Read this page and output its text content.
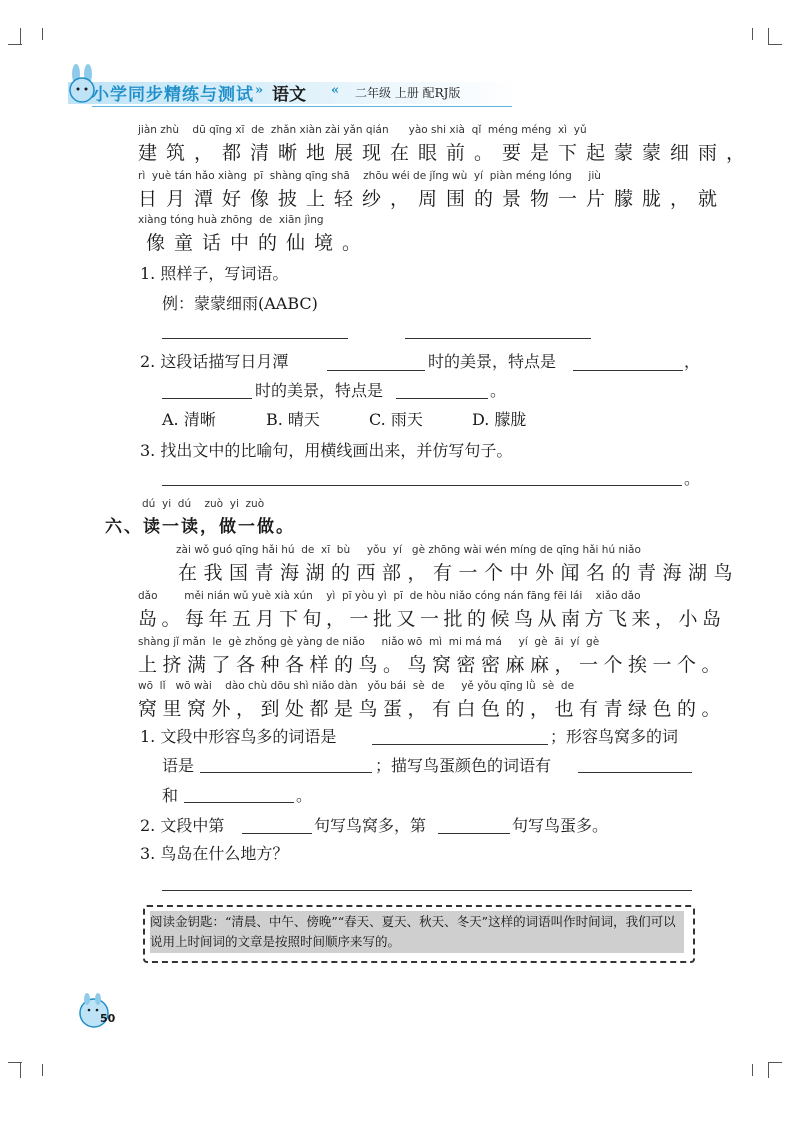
小学同步精练与测试 » 语文 « 二年级 上册 配RJ版
jiàn zhù    dū qīng xī  de  zhǎn xiàn zài yǎn qián      yào shi xià  qǐ  méng méng  xì  yǔ
建筑，都清晰地展现在眼前。要是下起蒙蒙细雨，
rì  yuè tán hǎo xiàng  pī  shàng qīng shā    zhōu wéi de jǐng wù  yí  piàn méng lóng     jiù
日月潭好像披上轻纱，周围的景物一片朦胧，就
xiàng tóng huà zhōng  de  xiān jìng
像童话中的仙境。
1. 照样子，写词语。
例：蒙蒙细雨(AABC)
2. 这段话描写日月潭	时的美景，特点是	，
时的美景，特点是	。
A. 清晰	B. 晴天	C. 雨天	D. 朦胧
3. 找出文中的比喻句，用横线画出来，并仿写句子。
。
dú  yi  dú    zuò  yi  zuò
六、读一读，做一做。
zài wǒ guó qīng hǎi hú  de  xī  bù     yǒu  yí   gè zhōng wài wén míng de qīng hǎi hú niǎo
在我国青海湖的西部，有一个中外闻名的青海湖鸟
dǎo        měi nián wǔ yuè xià xún    yì  pī yòu yì  pī  de hòu niǎo cóng nán fāng fēi lái    xiǎo dǎo
岛。每年五月下旬，一批又一批的候鸟从南方飞来，小岛
shàng jǐ mǎn  le  gè zhǒng gè yàng de niǎo     niǎo wō  mì  mi má má     yí  gè  āi  yí  gè
上挤满了各种各样的鸟。鸟窝密密麻麻，一个挨一个。
wō  lǐ   wō wài    dào chù dōu shì niǎo dàn   yǒu bái  sè  de     yě yǒu qīng lǜ  sè  de
窝里窝外，到处都是鸟蛋，有白色的，也有青绿色的。
1. 文段中形容鸟多的词语是	；形容鸟窝多的词
语是	；描写鸟蛋颜色的词语有
和	。
2. 文段中第	句写鸟窝多，第	句写鸟蛋多。
3. 鸟岛在什么地方？
阅读金钥匙：“清晨、中午、傍晚”“春天、夏天、秋天、冬天”这样的词语叫作时间词，我们可以说用上时间词的文章是按照时间顺序来写的。
50
